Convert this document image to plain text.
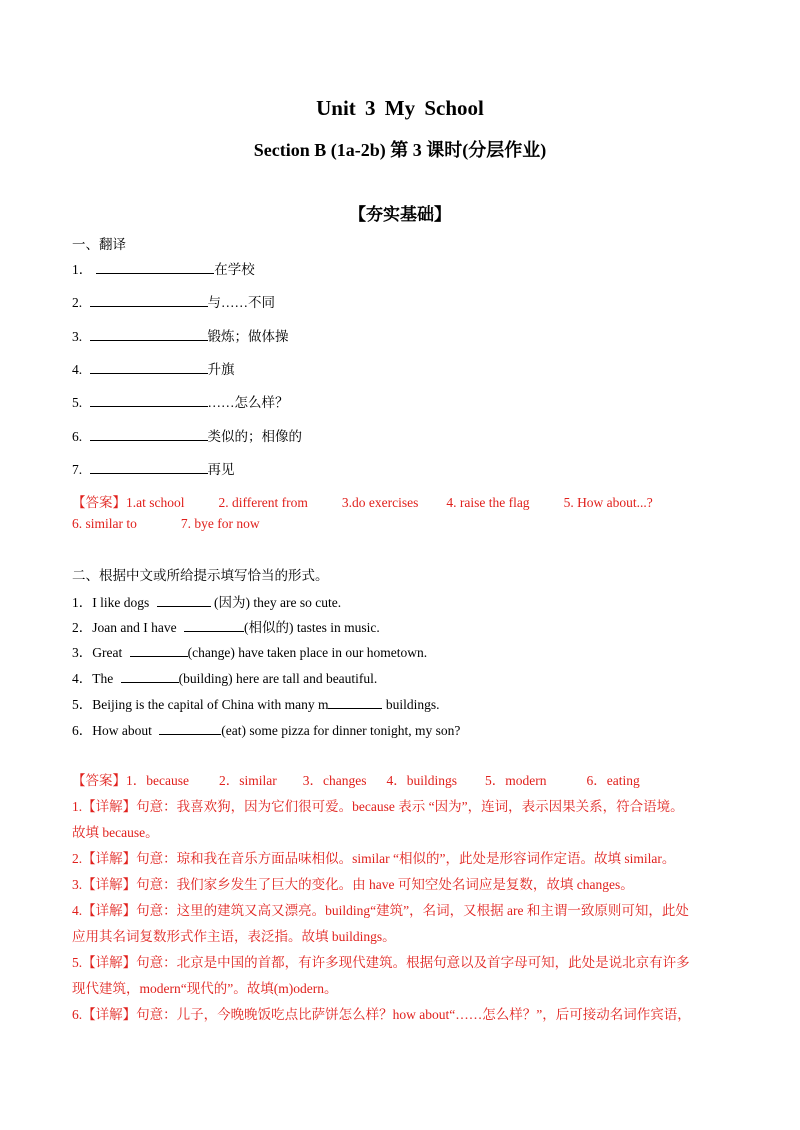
Unit 3 My School
Section B (1a-2b) 第 3 课时(分层作业)
【夯实基础】
一、翻译
1．	在学校
2.	与……不同
3.	锻炼；做体操
4.	升旗
5.	……怎么样？
6.	类似的；相像的
7.	再见
【答案】1.at school	2. different from	3.do exercises 4. raise the flag	5. How about...?
6. similar to	7. bye for now
二、根据中文或所给提示填写恰当的形式。
1．I like dogs	(因为) they are so cute.
2．Joan and I have	(相似的) tastes in music.
3．Great	(change) have taken place in our hometown.
4．The	(building) here are tall and beautiful.
5．Beijing is the capital of China with many m	buildings.
6．How about	(eat) some pizza for dinner tonight, my son?
【答案】1．because 2．similar 3．changes 4．buildings 5．modern	6．eating
1.【详解】句意：我喜欢狗，因为它们很可爱。because 表示 “因为”，连词，表示因果关系，符合语境。
故填 because。
2.【详解】句意：琼和我在音乐方面品味相似。similar “相似的”，此处是形容词作定语。故填 similar。
3.【详解】句意：我们家乡发生了巨大的变化。由 have 可知空处名词应是复数，故填 changes。
4.【详解】句意：这里的建筑又高又漂亮。building“建筑”，名词，又根据 are 和主谓一致原则可知，此处
应用其名词复数形式作主语，表泛指。故填 buildings。
5.【详解】句意：北京是中国的首都，有许多现代建筑。根据句意以及首字母可知，此处是说北京有许多
现代建筑，modern“现代的”。故填(m)odern。
6.【详解】句意：儿子，今晚晚饭吃点比萨饼怎么样？how about“……怎么样？”，后可接动名词作宾语，
